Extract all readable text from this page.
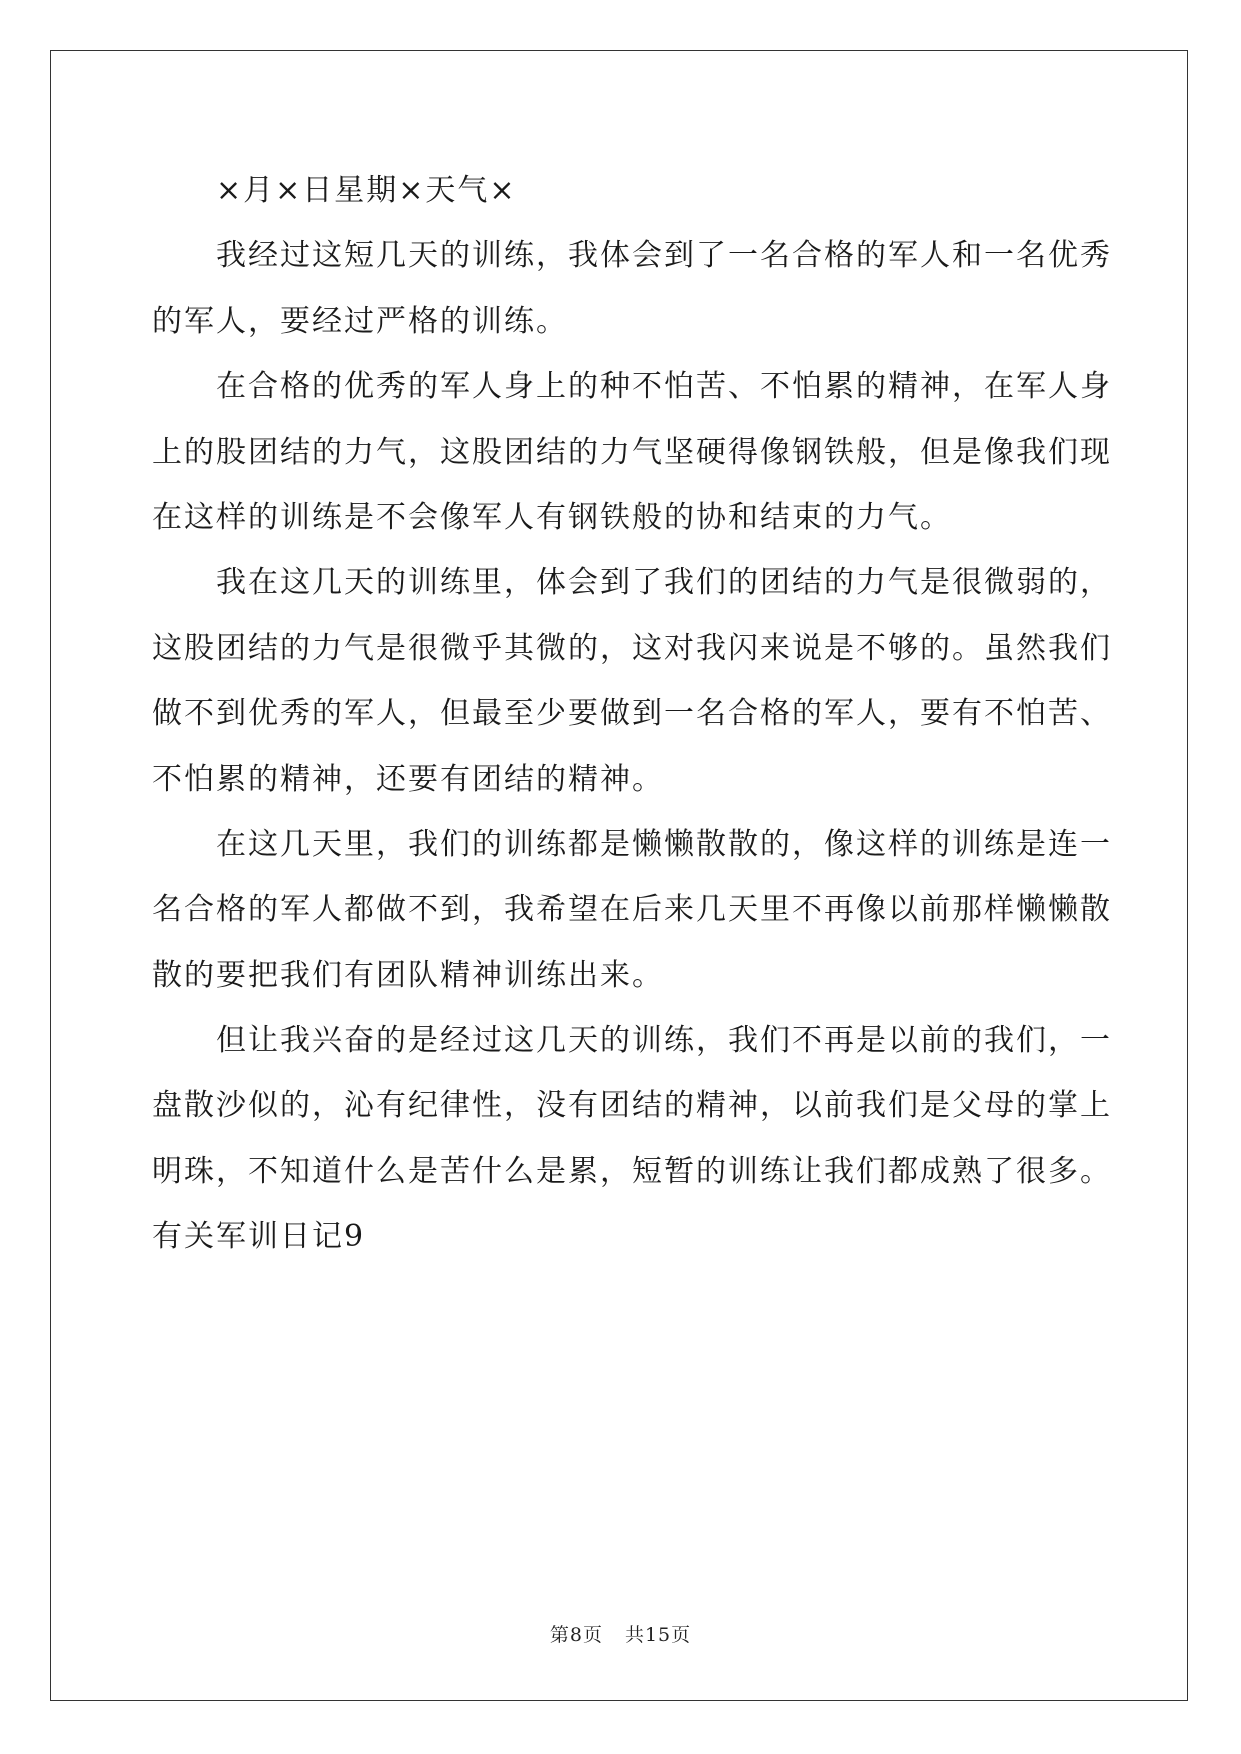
×月×日星期×天气×

我经过这短几天的训练，我体会到了一名合格的军人和一名优秀

的军人，要经过严格的训练。

在合格的优秀的军人身上的种不怕苦、不怕累的精神，在军人身

上的股团结的力气，这股团结的力气坚硬得像钢铁般，但是像我们现

在这样的训练是不会像军人有钢铁般的协和结束的力气。

我在这几天的训练里，体会到了我们的团结的力气是很微弱的，

这股团结的力气是很微乎其微的，这对我闪来说是不够的。虽然我们

做不到优秀的军人，但最至少要做到一名合格的军人，要有不怕苦、

不怕累的精神，还要有团结的精神。

在这几天里，我们的训练都是懒懒散散的，像这样的训练是连一

名合格的军人都做不到，我希望在后来几天里不再像以前那样懒懒散

散的要把我们有团队精神训练出来。

但让我兴奋的是经过这几天的训练，我们不再是以前的我们，一

盘散沙似的，沁有纪律性，没有团结的精神，以前我们是父母的掌上

明珠，不知道什么是苦什么是累，短暂的训练让我们都成熟了很多。

有关军训日记9

第8页 共15页
